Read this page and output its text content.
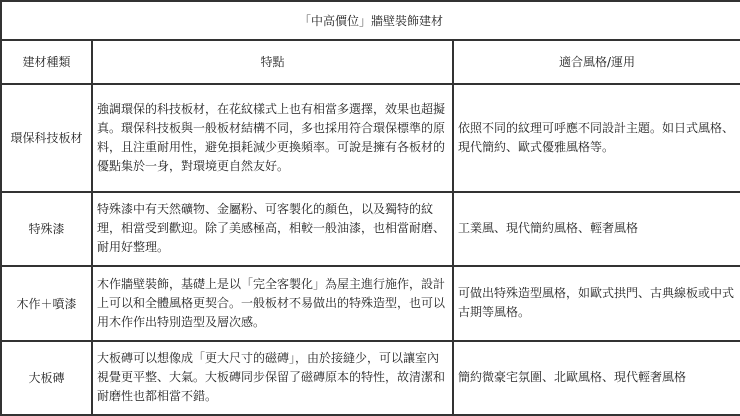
「中高價位」牆壁裝飾建材		
建材種類	特點	適合風格/運用
環保科技板材	強調環保的科技板材，在花紋樣式上也有相當多選擇，效果也超擬真。環保科技板與一般板材結構不同，多也採用符合環保標準的原料，且注重耐用性，避免損耗減少更換頻率。可說是擁有各板材的優點集於一身，對環境更自然友好。	依照不同的紋理可呼應不同設計主題。如日式風格、現代簡約、歐式優雅風格等。
特殊漆	特殊漆中有天然礦物、金屬粉、可客製化的顏色，以及獨特的紋理，相當受到歡迎。除了美感極高，相較一般油漆，也相當耐磨、耐用好整理。	工業風、現代簡約風格、輕奢風格
木作＋噴漆	木作牆壁裝飾，基礎上是以「完全客製化」為屋主進行施作，設計上可以和全體風格更契合。一般板材不易做出的特殊造型，也可以用木作作出特別造型及層次感。	可做出特殊造型風格，如歐式拱門、古典線板或中式古期等風格。
大板磚	大板磚可以想像成「更大尺寸的磁磚」，由於接縫少，可以讓室內視覺更平整、大氣。大板磚同步保留了磁磚原本的特性，故清潔和耐磨性也都相當不錯。	簡約微豪宅氛圍、北歐風格、現代輕奢風格
